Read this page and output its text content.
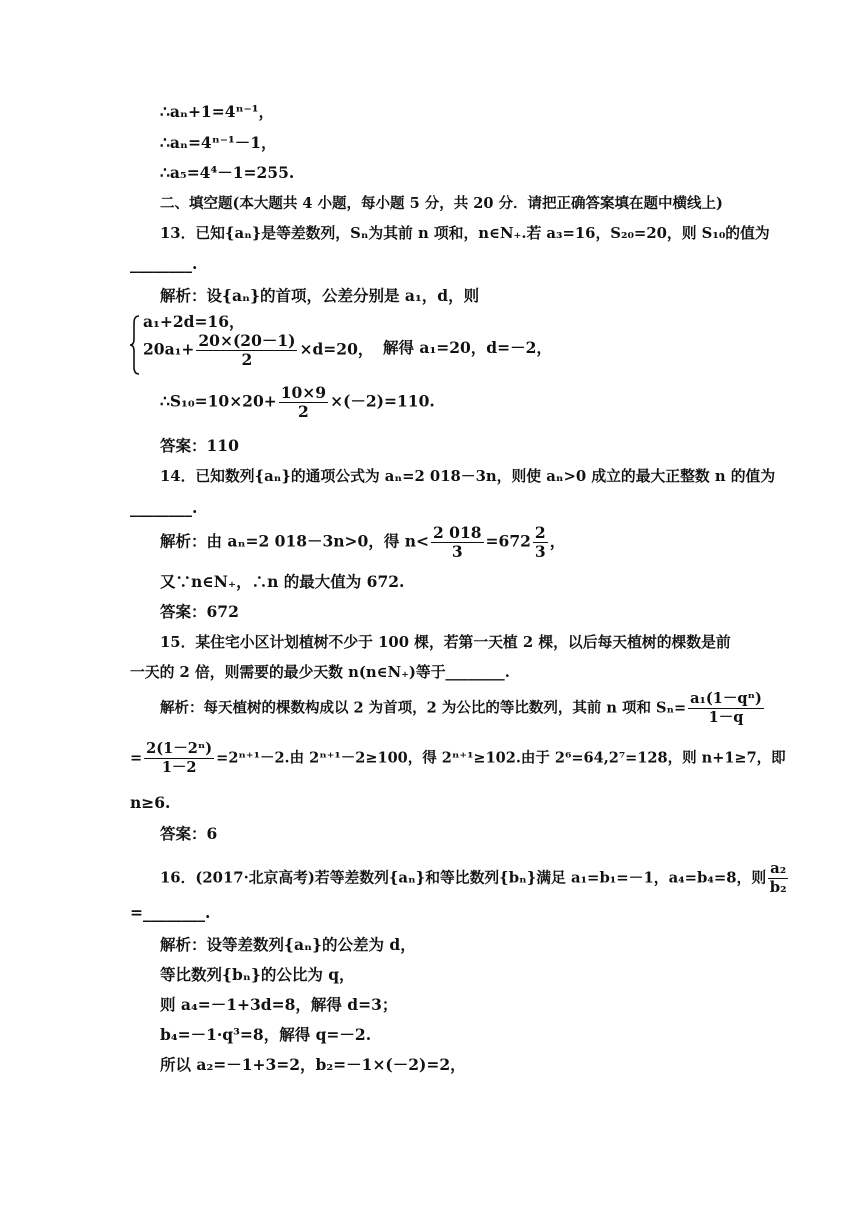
∴aₙ+1=4ⁿ⁻¹，
∴aₙ=4ⁿ⁻¹－1，
∴a₅=4⁴－1=255.
二、填空题(本大题共 4 小题，每小题 5 分，共 20 分．请把正确答案填在题中横线上)
13．已知{aₙ}是等差数列，Sₙ为其前 n 项和，n∈N₊.若 a₃=16，S₂₀=20，则 S₁₀的值为
________.
解析：设{aₙ}的首项，公差分别是 a₁，d，则
a₁+2d=16，
$20a_1+ \frac{20\times(20-1)}{2} \times d=20$， 解得 a₁=20，d=－2，
∴S₁₀=10×20+ $\frac{10\times 9}{2} \times(-2)=110$.
答案：110
14．已知数列{aₙ}的通项公式为 aₙ=2 018－3n，则使 aₙ>0 成立的最大正整数 n 的值为
________.
解析：由 aₙ=2 018－3n>0，得 $n< \frac{2 018}{3} =672 \frac{2}{3}$ ，
又∵n∈N₊，∴n 的最大值为 672.
答案：672
15．某住宅小区计划植树不少于 100 棵，若第一天植 2 棵，以后每天植树的棵数是前
一天的 2 倍，则需要的最少天数 n(n∈N₊)等于________.
解析：每天植树的棵数构成以 2 为首项，2 为公比的等比数列，其前 n 项和 $S_n= \frac{\text{a₁(1－qⁿ)}}{1-q}$
= $\frac{\text{2(1－2ⁿ)}}{1-2} =2^{n+1}-2$.由 2ⁿ⁺¹－2≥100，得 2ⁿ⁺¹≥102.由于 2⁶=64,2⁷=128，则 n+1≥7，即
n≥6.
答案：6
16．(2017·北京高考)若等差数列{aₙ}和等比数列{bₙ}满足 a₁=b₁=－1，a₄=b₄=8，则 $\frac{\text{a₂}}{\text{b₂}}$
=________.
解析：设等差数列{aₙ}的公差为 d，
等比数列{bₙ}的公比为 q，
则 a₄=－1+3d=8，解得 d=3；
b₄=－1·q³=8，解得 q=－2.
所以 a₂=－1+3=2，b₂=－1×(－2)=2，
